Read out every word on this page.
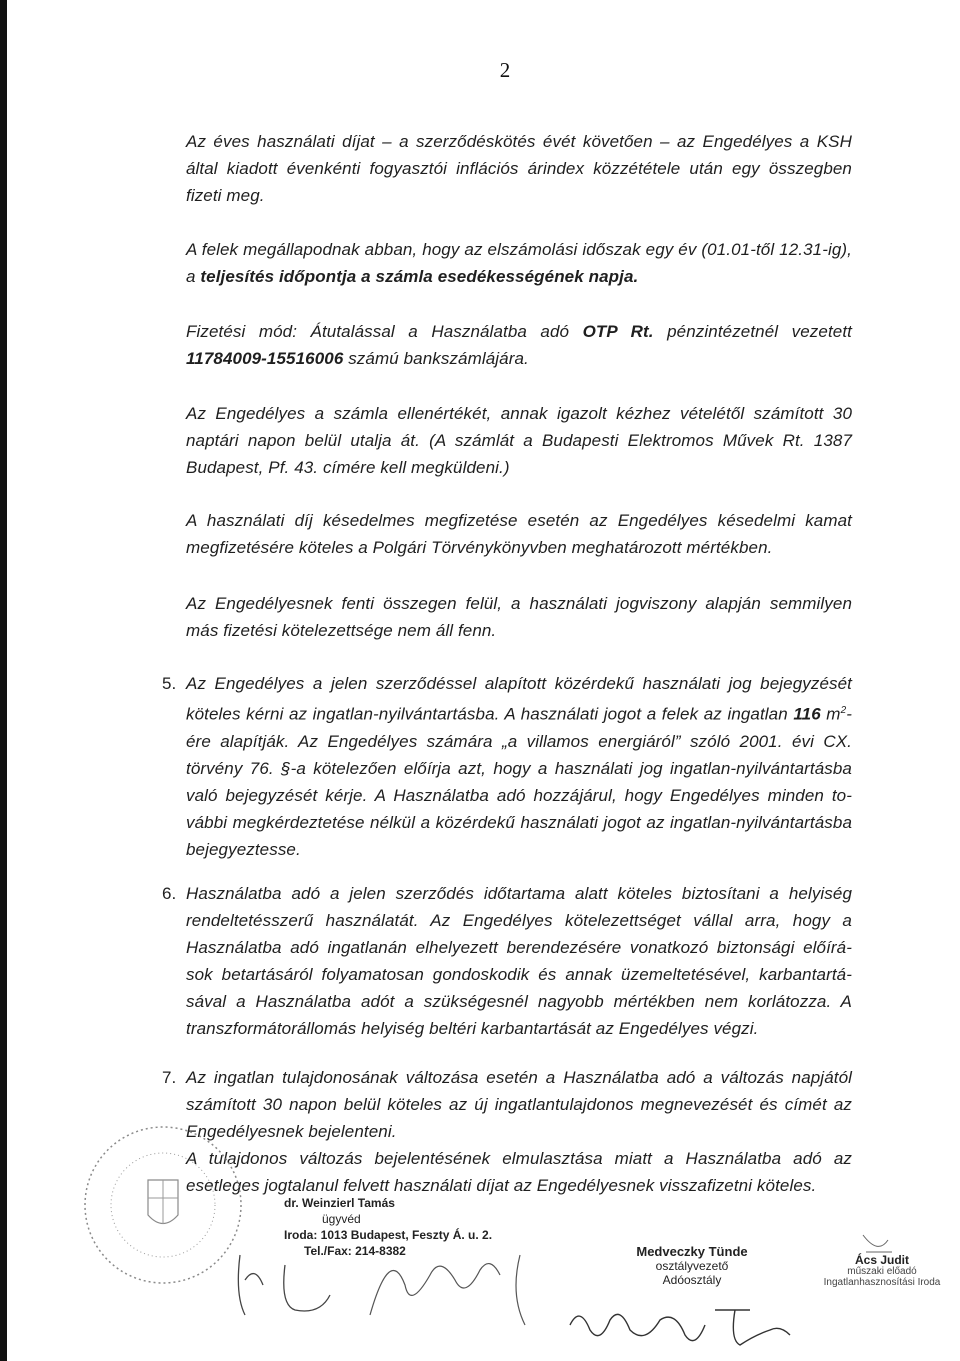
2

Az éves használati díjat – a szerződéskötés évét követően – az Engedélyes a KSH által kiadott évenkénti fogyasztói inflációs árindex közzététele után egy összegben fizeti meg.

A felek megállapodnak abban, hogy az elszámolási időszak egy év (01.01-től 12.31-ig), a teljesítés időpontja a számla esedékességének napja.

Fizetési mód: Átutalással a Használatba adó OTP Rt. pénzintézetnél vezetett 11784009-15516006 számú bankszámlájára.

Az Engedélyes a számla ellenértékét, annak igazolt kézhez vételétől számított 30 naptári napon belül utalja át. (A számlát a Budapesti Elektromos Művek Rt. 1387 Budapest, Pf. 43. címére kell megküldeni.)

A használati díj késedelmes megfizetése esetén az Engedélyes késedelmi kamat megfizetésére köteles a Polgári Törvénykönyvben meghatározott mértékben.

Az Engedélyesnek fenti összegen felül, a használati jogviszony alapján semmilyen más fizetési kötelezettsége nem áll fenn.

5. Az Engedélyes a jelen szerződéssel alapított közérdekű használati jog bejegyzését köteles kérni az ingatlan-nyilvántartásba. A használati jogot a felek az ingatlan 116 $m^2$-ére alapítják. Az Engedélyes számára „a villamos energiáról” szóló 2001. évi CX. törvény 76. §-a kötelezően előírja azt, hogy a használati jog ingatlan-nyilvántartásba való bejegyzését kérje. A Használatba adó hozzájárul, hogy Engedélyes minden to-vábbi megkérdeztetése nélkül a közérdekű használati jogot az ingatlan-nyilvántartásba bejegyeztesse.

6. Használatba adó a jelen szerződés időtartama alatt köteles biztosítani a helyiség rendeltetésszerű használatát. Az Engedélyes kötelezettséget vállal arra, hogy a Használatba adó ingatlanán elhelyezett berendezésére vonatkozó biztonsági előírá-sok betartásáról folyamatosan gondoskodik és annak üzemeltetésével, karbantartá-sával a Használatba adót a szükségesnél nagyobb mértékben nem korlátozza. A transzformátorállomás helyiség beltéri karbantartását az Engedélyes végzi.

7. Az ingatlan tulajdonosának változása esetén a Használatba adó a változás napjától számított 30 napon belül köteles az új ingatlantulajdonos megnevezését és címét az Engedélyesnek bejelenteni.
A tulajdonos változás bejelentésének elmulasztása miatt a Használatba adó az esetleges jogtalanul felvett használati díjat az Engedélyesnek visszafizetni köteles.

dr. Weinzierl Tamás
ügyvéd
Iroda: 1013 Budapest, Feszty Á. u. 2.
Tel./Fax: 214-8382	Medveczky Tünde
osztályvezető
Adóosztály
Ács Judit
műszaki előadó
Ingatlanhasznosítási Iroda
